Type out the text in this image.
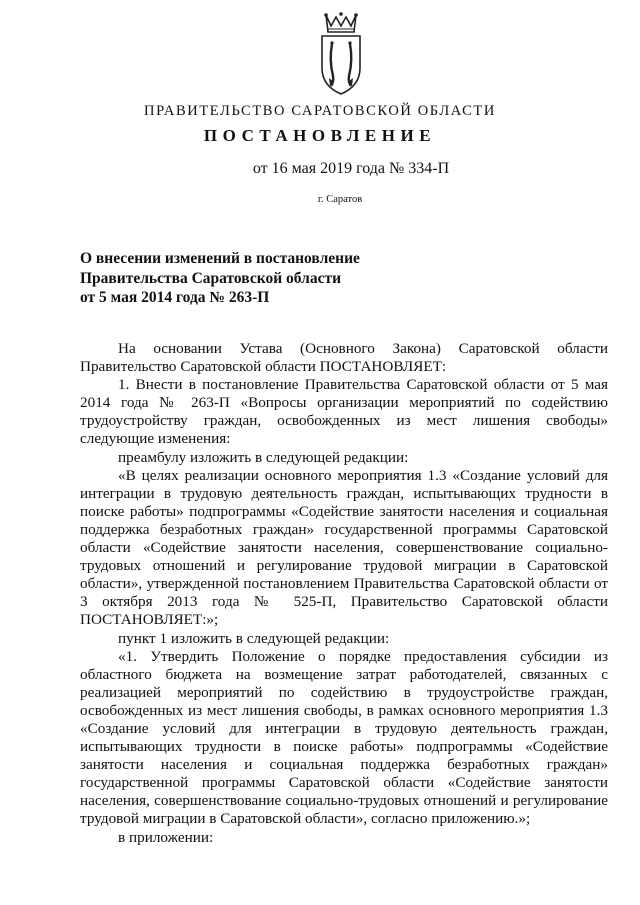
ПРАВИТЕЛЬСТВО САРАТОВСКОЙ ОБЛАСТИ
ПОСТАНОВЛЕНИЕ
от 16 мая 2019 года № 334-П
г. Саратов
О внесении изменений в постановление
Правительства Саратовской области
от 5 мая 2014 года № 263-П

На основании Устава (Основного Закона) Саратовской области Правительство Саратовской области ПОСТАНОВЛЯЕТ:

1. Внести в постановление Правительства Саратовской области от 5 мая 2014 года № 263-П «Вопросы организации мероприятий по содействию трудоустройству граждан, освобожденных из мест лишения свободы» следующие изменения:

преамбулу изложить в следующей редакции:

«В целях реализации основного мероприятия 1.3 «Создание условий для интеграции в трудовую деятельность граждан, испытывающих трудности в поиске работы» подпрограммы «Содействие занятости населения и социальная поддержка безработных граждан» государственной программы Саратовской области «Содействие занятости населения, совершенствование социально-трудовых отношений и регулирование трудовой миграции в Саратовской области», утвержденной постановлением Правительства Саратовской области от 3 октября 2013 года № 525-П, Правительство Саратовской области ПОСТАНОВЛЯЕТ:»;

пункт 1 изложить в следующей редакции:

«1. Утвердить Положение о порядке предоставления субсидии из областного бюджета на возмещение затрат работодателей, связанных с реализацией мероприятий по содействию в трудоустройстве граждан, освобожденных из мест лишения свободы, в рамках основного мероприятия 1.3 «Создание условий для интеграции в трудовую деятельность граждан, испытывающих трудности в поиске работы» подпрограммы «Содействие занятости населения и социальная поддержка безработных граждан» государственной программы Саратовской области «Содействие занятости населения, совершенствование социально-трудовых отношений и регулирование трудовой миграции в Саратовской области», согласно приложению.»;

в приложении:
